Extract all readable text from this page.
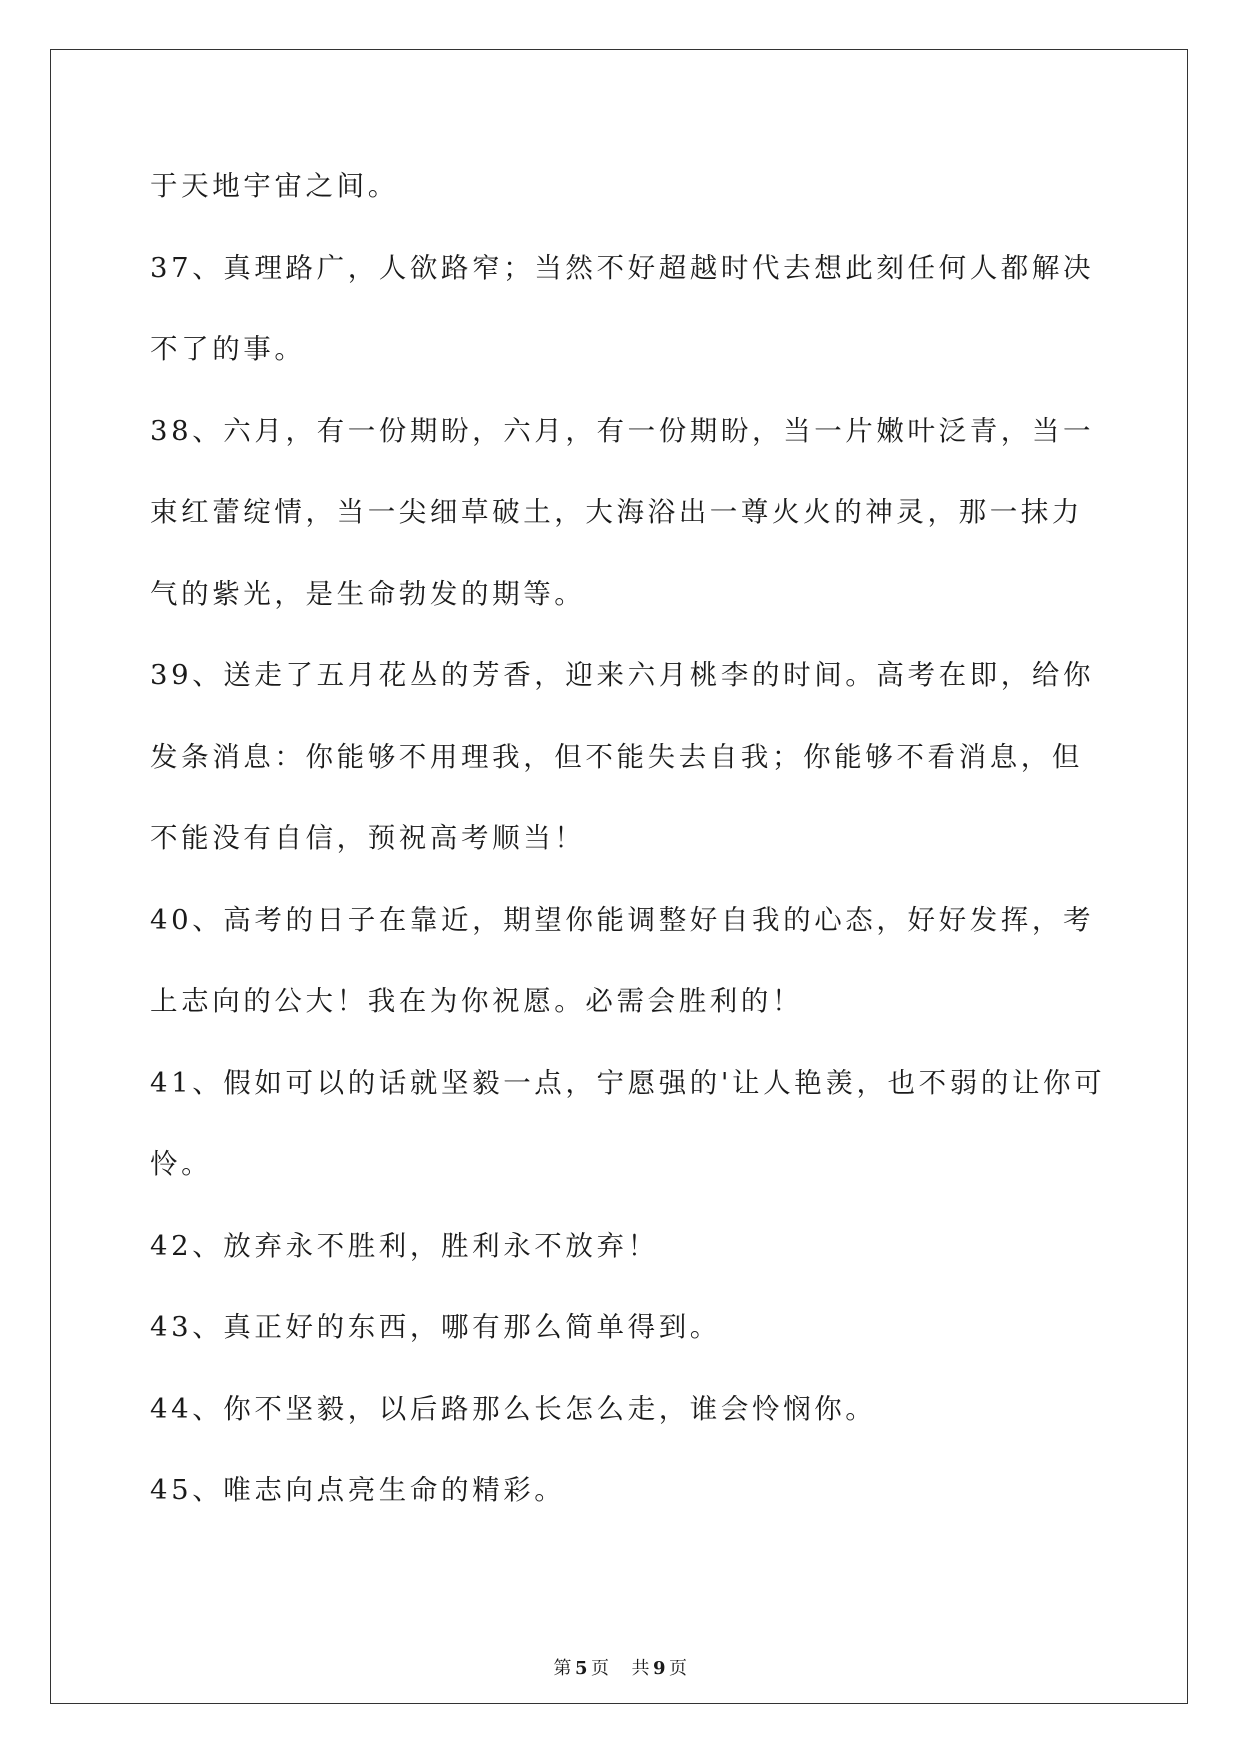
于天地宇宙之间。
37、真理路广，人欲路窄；当然不好超越时代去想此刻任何人都解决
不了的事。
38、六月，有一份期盼，六月，有一份期盼，当一片嫩叶泛青，当一
束红蕾绽情，当一尖细草破土，大海浴出一尊火火的神灵，那一抹力
气的紫光，是生命勃发的期等。
39、送走了五月花丛的芳香，迎来六月桃李的时间。高考在即，给你
发条消息：你能够不用理我，但不能失去自我；你能够不看消息，但
不能没有自信，预祝高考顺当！
40、高考的日子在靠近，期望你能调整好自我的心态，好好发挥，考
上志向的公大！我在为你祝愿。必需会胜利的！
41、假如可以的话就坚毅一点，宁愿强的'让人艳羡，也不弱的让你可
怜。
42、放弃永不胜利，胜利永不放弃！
43、真正好的东西，哪有那么简单得到。
44、你不坚毅，以后路那么长怎么走，谁会怜悯你。
45、唯志向点亮生命的精彩。
第 5 页 共 9 页
